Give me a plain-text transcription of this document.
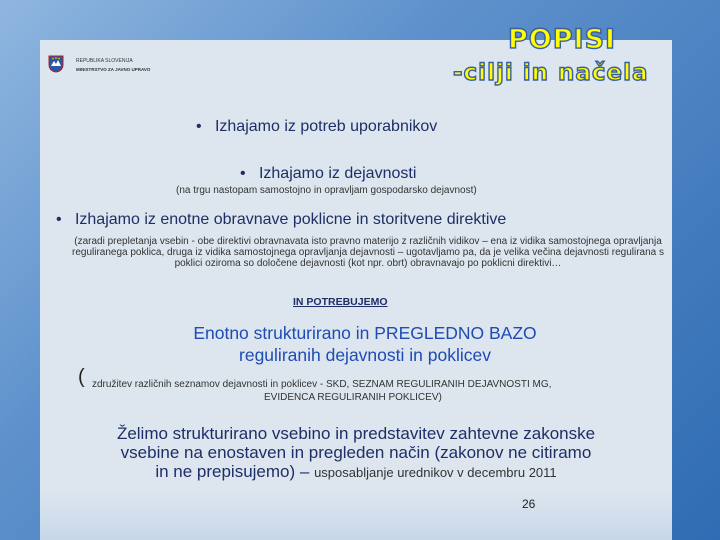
REPUBLIKA SLOVENIJA
MINISTRSTVO ZA JAVNO UPRAVO
POPISI
-cilji in načela
• Izhajamo iz potreb uporabnikov
• Izhajamo iz dejavnosti
(na trgu nastopam samostojno in opravljam gospodarsko dejavnost)
• Izhajamo iz enotne obravnave poklicne in storitvene direktive
(zaradi prepletanja vsebin - obe direktivi obravnavata isto pravno materijo z različnih vidikov – ena iz vidika samostojnega opravljanja reguliranega poklica, druga iz vidika samostojnega opravljanja dejavnosti – ugotavljamo pa, da je velika večina dejavnosti regulirana s poklici oziroma so določene dejavnosti (kot npr. obrt) obravnavajo po poklicni direktivi…
IN POTREBUJEMO
Enotno strukturirano in PREGLEDNO BAZO
reguliranih dejavnosti in poklicev
( združitev različnih seznamov dejavnosti in poklicev - SKD, SEZNAM REGULIRANIH DEJAVNOSTI MG,
EVIDENCA REGULIRANIH POKLICEV)
Želimo strukturirano vsebino in predstavitev zahtevne zakonske
vsebine na enostaven in pregleden način (zakonov ne citiramo
in ne prepisujemo) – usposabljanje urednikov v decembru 2011
26
